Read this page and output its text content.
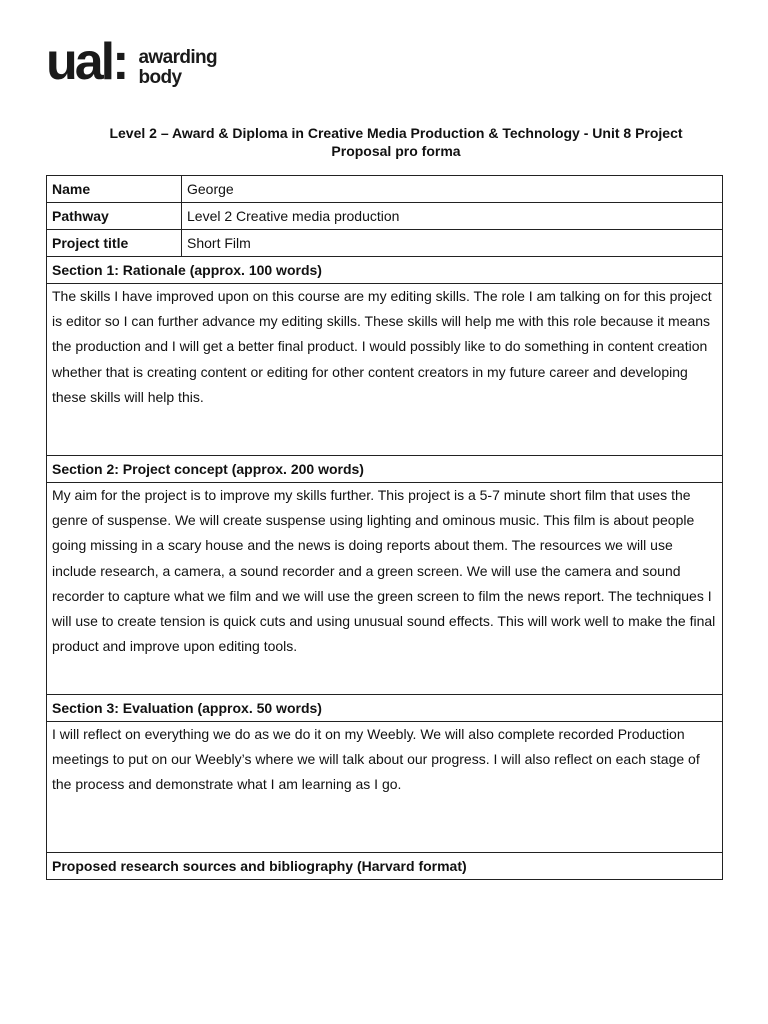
ual: awarding
body
Level 2 – Award & Diploma in Creative Media Production & Technology - Unit 8 Project
Proposal pro forma
Name	George
Pathway	Level 2 Creative media production
Project title	Short Film
Section 1: Rationale (approx. 100 words)	
The skills I have improved upon on this course are my editing skills. The role I am talking on for this project is editor so I can further advance my editing skills. These skills will help me with this role because it means the production and I will get a better final product. I would possibly like to do something in content creation whether that is creating content or editing for other content creators in my future career and developing these skills will help this.	
Section 2: Project concept (approx. 200 words)	
My aim for the project is to improve my skills further. This project is a 5-7 minute short film that uses the genre of suspense. We will create suspense using lighting and ominous music. This film is about people going missing in a scary house and the news is doing reports about them. The resources we will use include research, a camera, a sound recorder and a green screen. We will use the camera and sound recorder to capture what we film and we will use the green screen to film the news report. The techniques I will use to create tension is quick cuts and using unusual sound effects. This will work well to make the final product and improve upon editing tools.	
Section 3: Evaluation (approx. 50 words)	
I will reflect on everything we do as we do it on my Weebly. We will also complete recorded Production meetings to put on our Weebly’s where we will talk about our progress. I will also reflect on each stage of the process and demonstrate what I am learning as I go.	
Proposed research sources and bibliography (Harvard format)	
